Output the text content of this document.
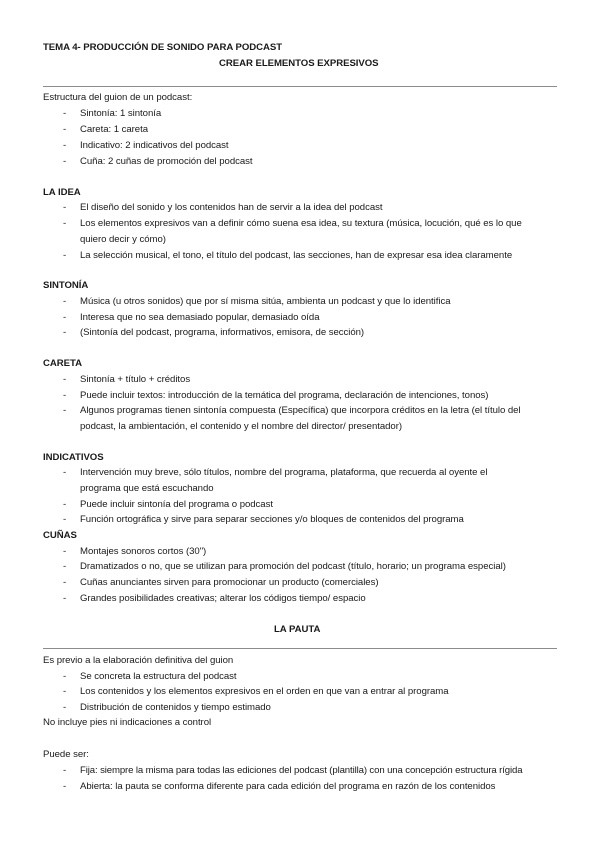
TEMA 4- PRODUCCIÓN DE SONIDO PARA PODCAST
CREAR ELEMENTOS EXPRESIVOS
Estructura del guion de un podcast:
- Sintonía: 1 sintonía
- Careta: 1 careta
- Indicativo: 2 indicativos del podcast
- Cuña: 2 cuñas de promoción del podcast
LA IDEA
- El diseño del sonido y los contenidos han de servir a la idea del podcast
- Los elementos expresivos van a definir cómo suena esa idea, su textura (música, locución, qué es lo que
quiero decir y cómo)
- La selección musical, el tono, el título del podcast, las secciones, han de expresar esa idea claramente
SINTONÍA
- Música (u otros sonidos) que por sí misma sitúa, ambienta un podcast y que lo identifica
- Interesa que no sea demasiado popular, demasiado oída
- (Sintonía del podcast, programa, informativos, emisora, de sección)
CARETA
- Sintonía + título + créditos
- Puede incluir textos: introducción de la temática del programa, declaración de intenciones, tonos)
- Algunos programas tienen sintonía compuesta (Específica) que incorpora créditos en la letra (el título del
podcast, la ambientación, el contenido y el nombre del director/ presentador)
INDICATIVOS
- Intervención muy breve, sólo títulos, nombre del programa, plataforma, que recuerda al oyente el
programa que está escuchando
- Puede incluir sintonía del programa o podcast
- Función ortográfica y sirve para separar secciones y/o bloques de contenidos del programa
CUÑAS
- Montajes sonoros cortos (30")
- Dramatizados o no, que se utilizan para promoción del podcast (título, horario; un programa especial)
- Cuñas anunciantes sirven para promocionar un producto (comerciales)
- Grandes posibilidades creativas; alterar los códigos tiempo/ espacio
LA PAUTA
Es previo a la elaboración definitiva del guion
- Se concreta la estructura del podcast
- Los contenidos y los elementos expresivos en el orden en que van a entrar al programa
- Distribución de contenidos y tiempo estimado
No incluye pies ni indicaciones a control
Puede ser:
- Fija: siempre la misma para todas las ediciones del podcast (plantilla) con una concepción estructura rígida
- Abierta: la pauta se conforma diferente para cada edición del programa en razón de los contenidos
